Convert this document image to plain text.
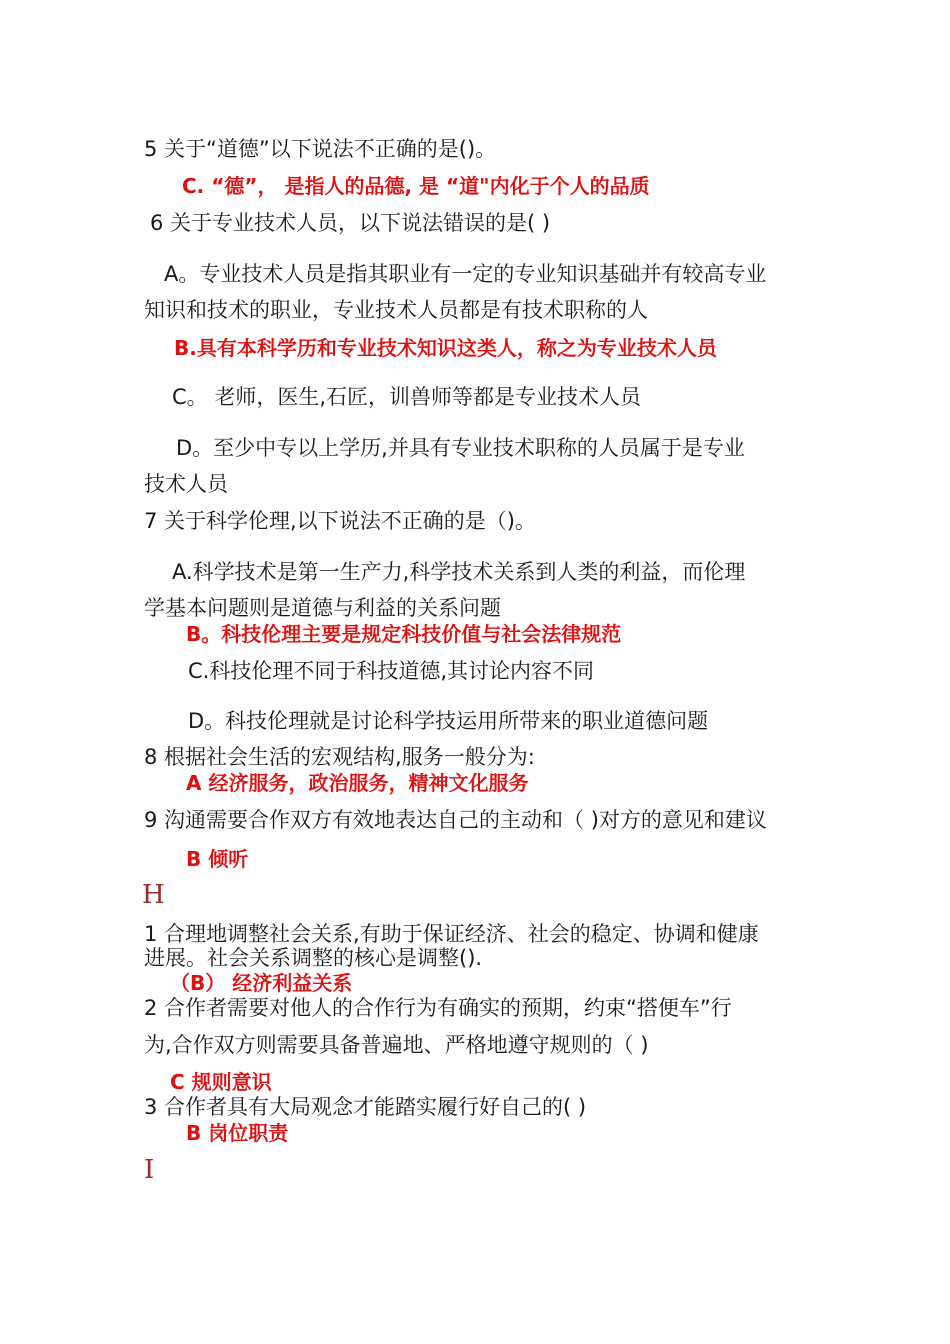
5 关于“道德”以下说法不正确的是()。
C. “德”， 是指人的品德, 是 “道"内化于个人的品质
6 关于专业技术人员，以下说法错误的是( )
A。专业技术人员是指其职业有一定的专业知识基础并有较高专业
知识和技术的职业，专业技术人员都是有技术职称的人
B.具有本科学历和专业技术知识这类人，称之为专业技术人员
C。 老师，医生,石匠，训兽师等都是专业技术人员
D。至少中专以上学历,并具有专业技术职称的人员属于是专业
技术人员
7 关于科学伦理,以下说法不正确的是（)。
A.科学技术是第一生产力,科学技术关系到人类的利益，而伦理
学基本问题则是道德与利益的关系问题
B。科技伦理主要是规定科技价值与社会法律规范
C.科技伦理不同于科技道德,其讨论内容不同
D。科技伦理就是讨论科学技运用所带来的职业道德问题
8 根据社会生活的宏观结构,服务一般分为:
A 经济服务，政治服务，精神文化服务
9 沟通需要合作双方有效地表达自己的主动和（ )对方的意见和建议
B 倾听
H
1 合理地调整社会关系,有助于保证经济、社会的稳定、协调和健康
进展。社会关系调整的核心是调整().
（B） 经济利益关系
2 合作者需要对他人的合作行为有确实的预期，约束“搭便车”行
为,合作双方则需要具备普遍地、严格地遵守规则的（ )
C 规则意识
3 合作者具有大局观念才能踏实履行好自己的( )
B 岗位职责
I
